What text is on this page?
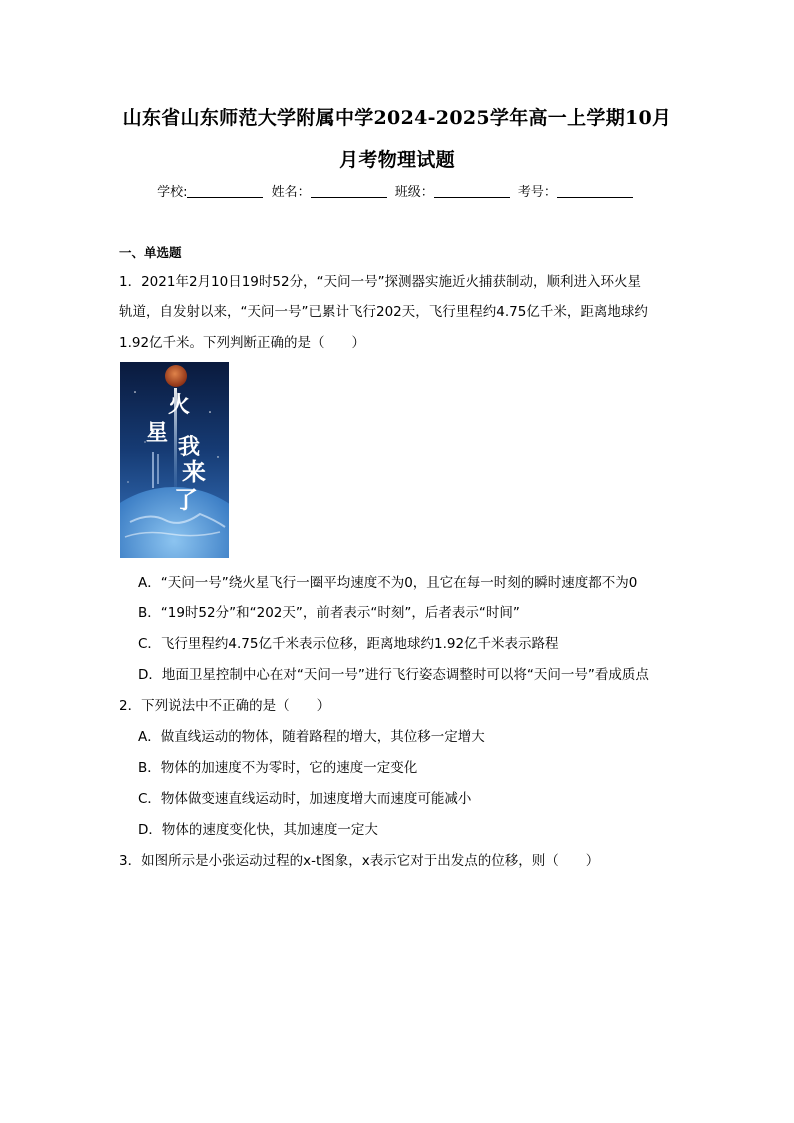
山东省山东师范大学附属中学2024-2025学年高一上学期10月
月考物理试题
学校:	姓名：	班级：	考号：
一、单选题
1．2021年2月10日19时52分，“天问一号”探测器实施近火捕获制动，顺利进入环火星
轨道，自发射以来，“天问一号”已累计飞行202天，飞行里程约4.75亿千米，距离地球约
1.92亿千米。下列判断正确的是（　　）
火
星
我
来
了
A．“天问一号”绕火星飞行一圈平均速度不为0，且它在每一时刻的瞬时速度都不为0
B．“19时52分”和“202天”，前者表示“时刻”，后者表示“时间”
C．飞行里程约4.75亿千米表示位移，距离地球约1.92亿千米表示路程
D．地面卫星控制中心在对“天问一号”进行飞行姿态调整时可以将“天问一号”看成质点
2．下列说法中不正确的是（　　）
A．做直线运动的物体，随着路程的增大，其位移一定增大
B．物体的加速度不为零时，它的速度一定变化
C．物体做变速直线运动时，加速度增大而速度可能减小
D．物体的速度变化快，其加速度一定大
3．如图所示是小张运动过程的x-t图象，x表示它对于出发点的位移，则（　　）
